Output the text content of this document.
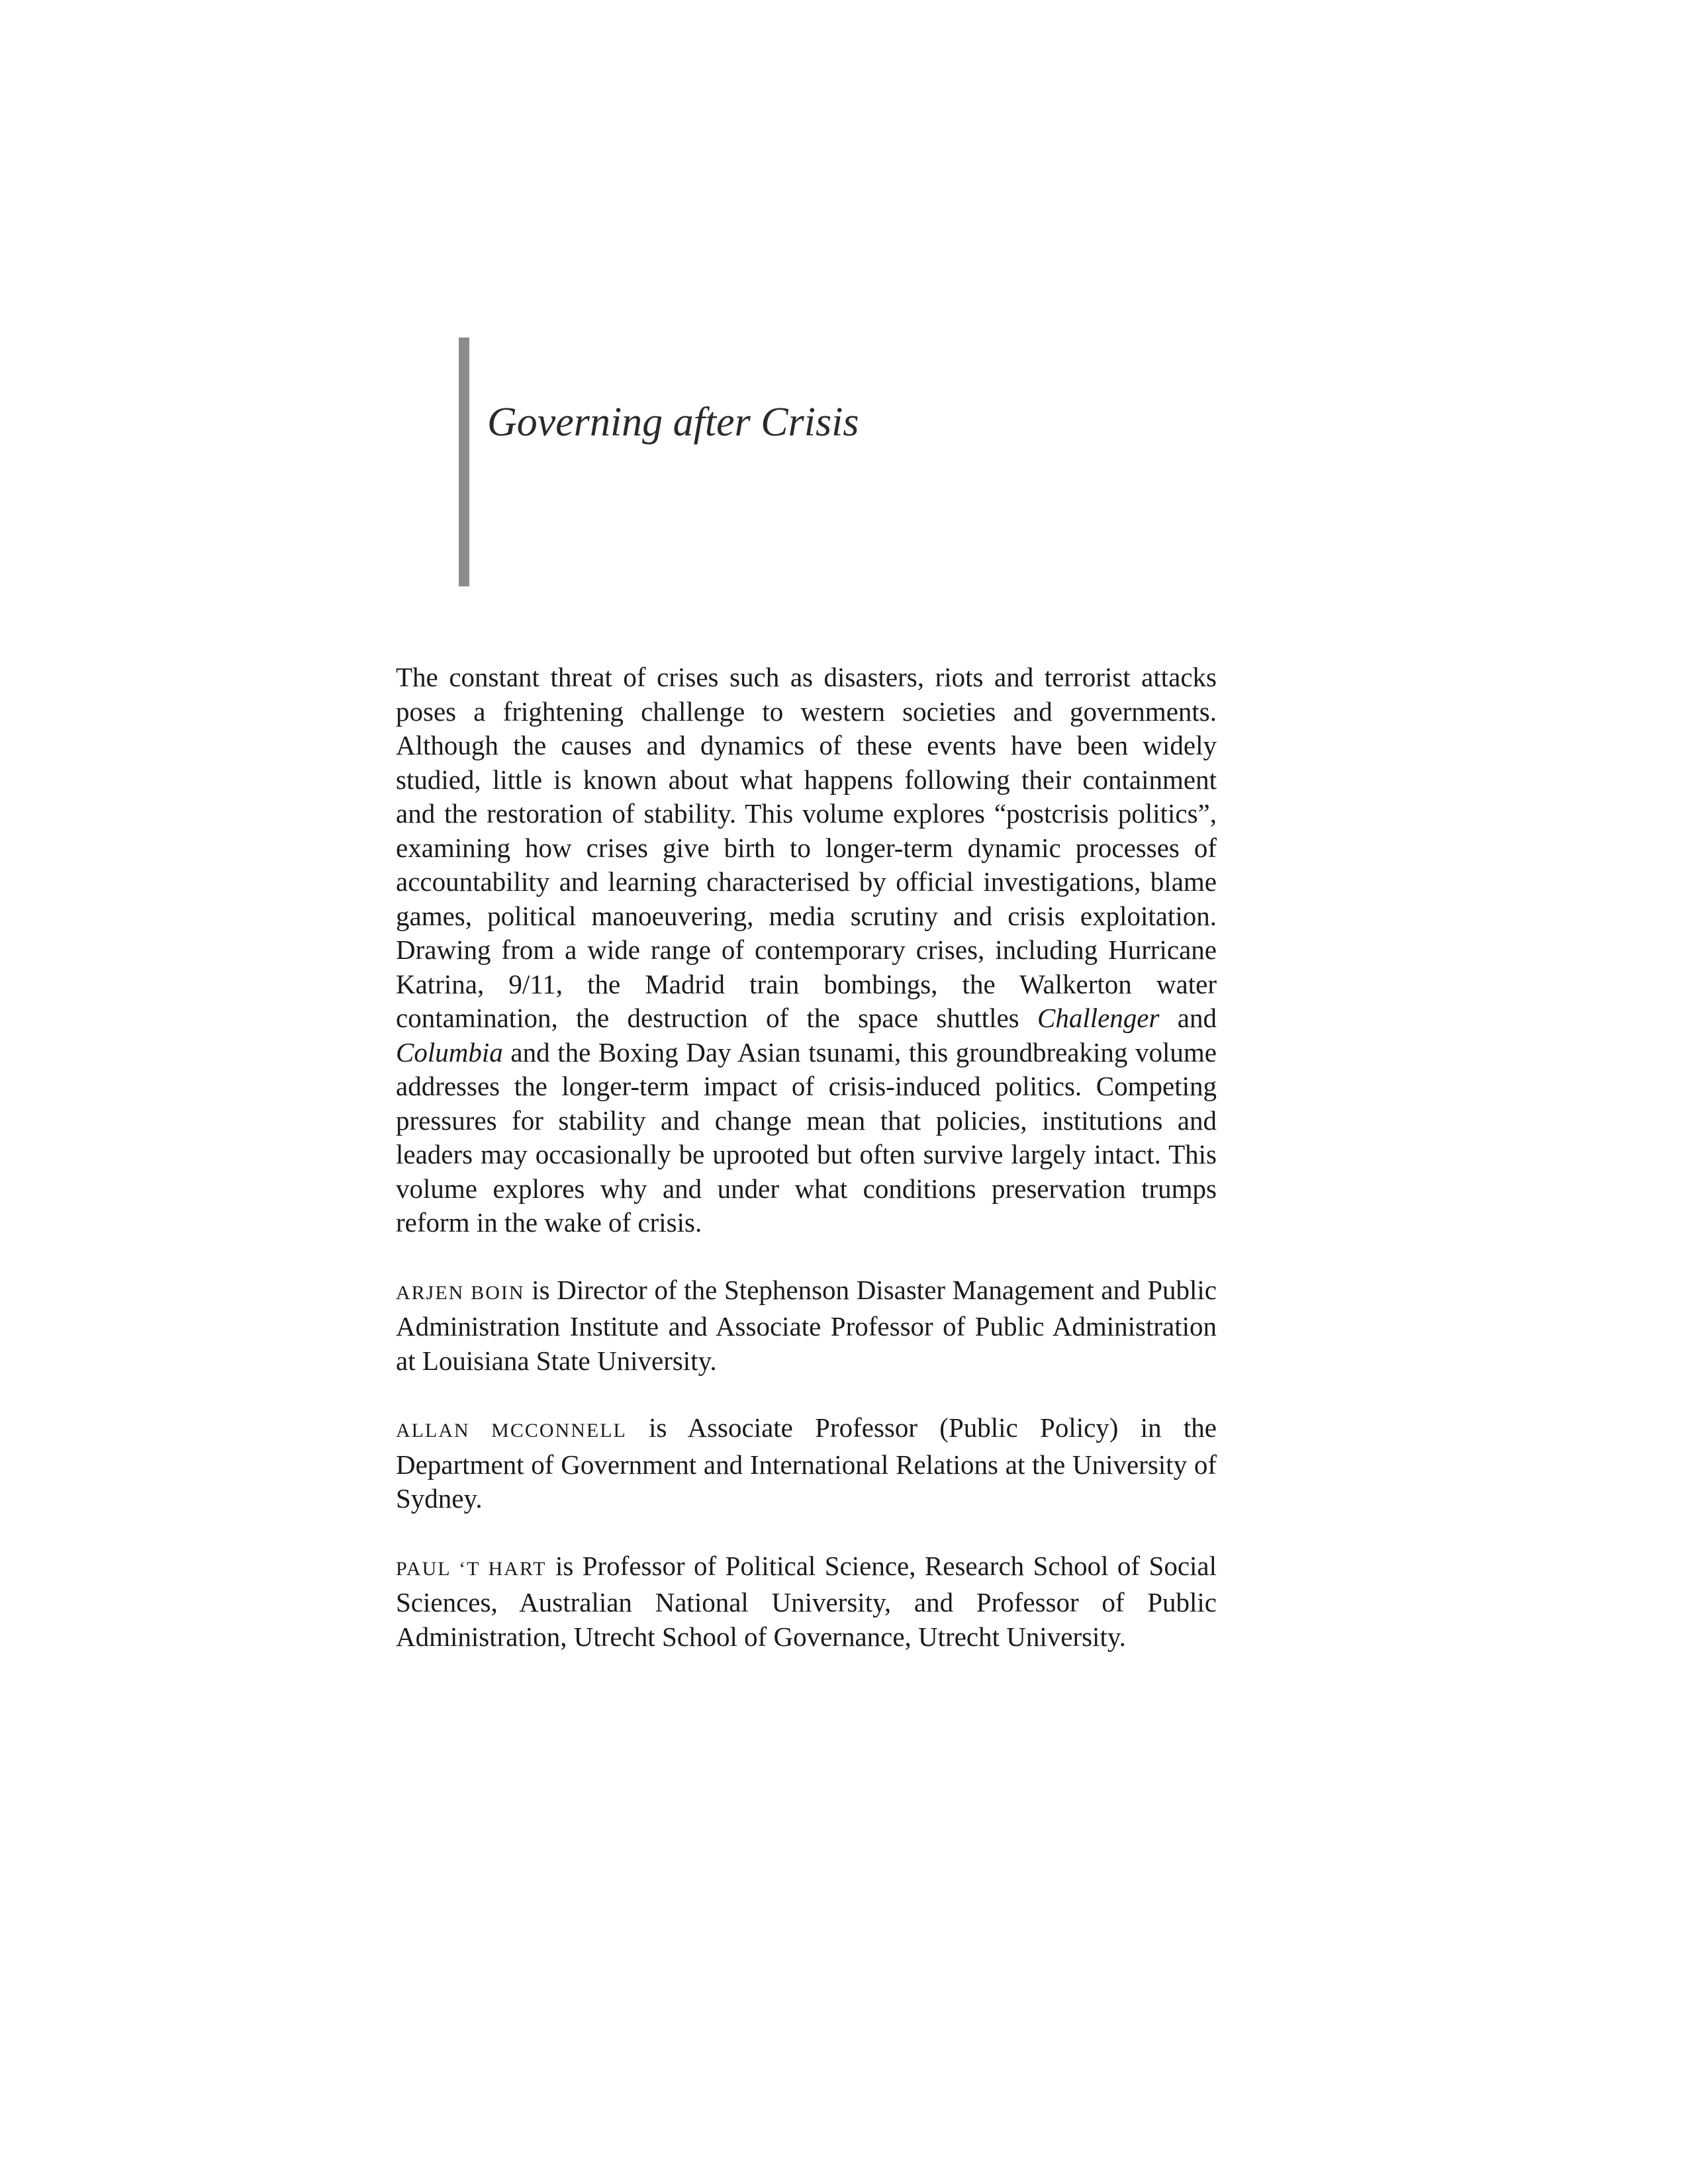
Governing after Crisis

The constant threat of crises such as disasters, riots and terrorist attacks poses a frightening challenge to western societies and governments. Although the causes and dynamics of these events have been widely studied, little is known about what happens following their containment and the restoration of stability. This volume explores “postcrisis politics”, examining how crises give birth to longer-term dynamic processes of accountability and learning characterised by official investigations, blame games, political manoeuvering, media scrutiny and crisis exploitation. Drawing from a wide range of contemporary crises, including Hurricane Katrina, 9/11, the Madrid train bombings, the Walkerton water contamination, the destruction of the space shuttles Challenger and Columbia and the Boxing Day Asian tsunami, this groundbreaking volume addresses the longer-term impact of crisis-induced politics. Competing pressures for stability and change mean that policies, institutions and leaders may occasionally be uprooted but often survive largely intact. This volume explores why and under what conditions preservation trumps reform in the wake of crisis.

ARJEN BOIN is Director of the Stephenson Disaster Management and Public Administration Institute and Associate Professor of Public Administration at Louisiana State University.

ALLAN MCCONNELL is Associate Professor (Public Policy) in the Department of Government and International Relations at the University of Sydney.

PAUL ‘T HART is Professor of Political Science, Research School of Social Sciences, Australian National University, and Professor of Public Administration, Utrecht School of Governance, Utrecht University.
